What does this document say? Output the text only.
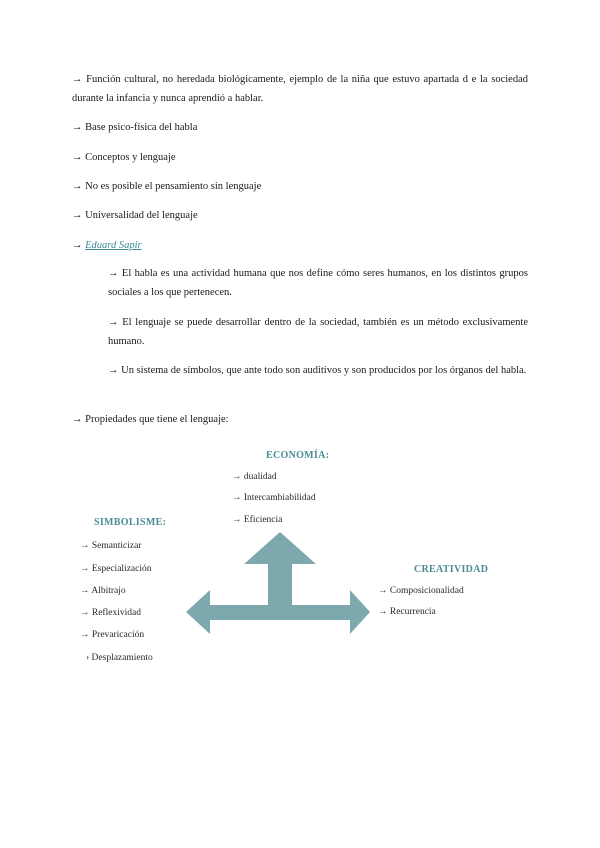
→ Función cultural, no heredada biológicamente, ejemplo de la niña que estuvo apartada d e la sociedad durante la infancia y nunca aprendió a hablar.
→ Base psico-física del habla
→ Conceptos y lenguaje
→ No es posible el pensamiento sin lenguaje
→ Universalidad del lenguaje
→ Eduard Sapir
→ El habla es una actividad humana que nos define cómo seres humanos, en los distintos grupos sociales a los que pertenecen.
→ El lenguaje se puede desarrollar dentro de la sociedad, también es un método exclusivamente humano.
→ Un sistema de símbolos, que ante todo son auditivos y son producidos por los órganos del habla.
→ Propiedades que tiene el lenguaje:
ECONOMÍA:
→ dualidad
→ Intercambiabilidad
→ Eficiencia
SIMBOLISME:
→ Semanticizar
→ Especialización
→ Albitrajo
→ Reflexividad
→ Prevaricación
› Desplazamiento
CREATIVIDAD
→ Composicionalidad
→ Recurrencia
